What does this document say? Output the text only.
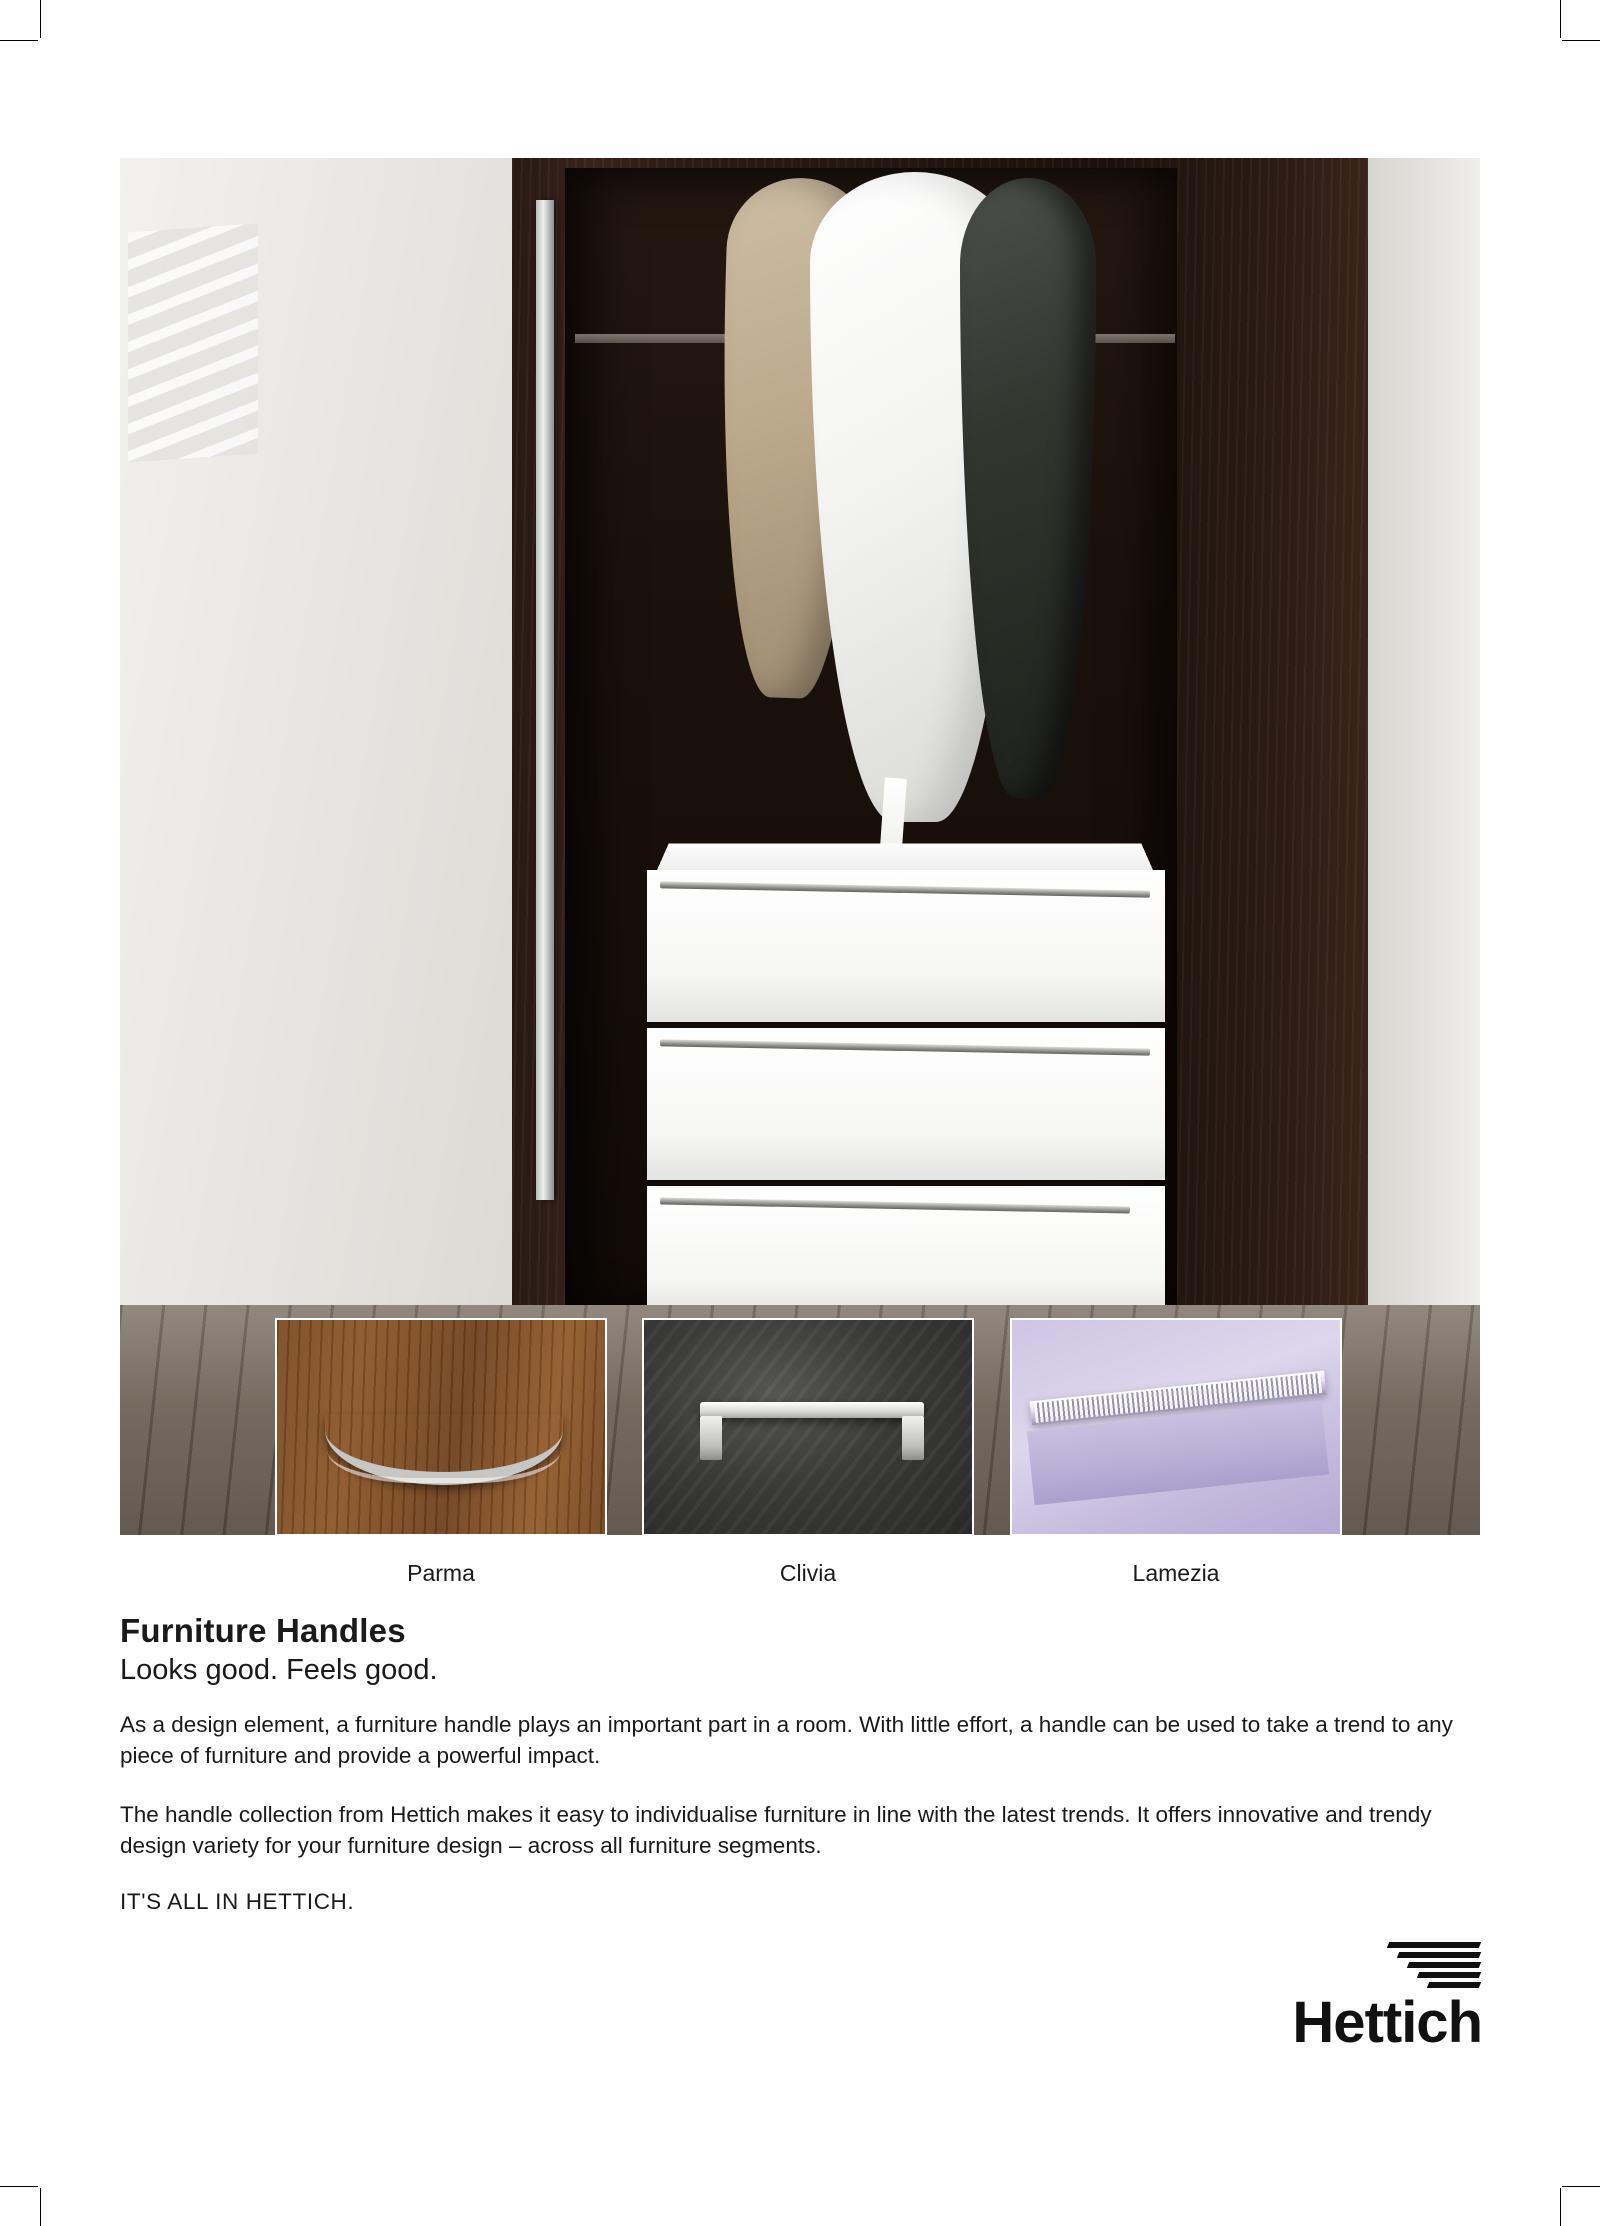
Parma	Clivia	Lamezia
Furniture Handles
Looks good. Feels good.

As a design element, a furniture handle plays an important part in a room. With little effort, a handle can be used to take a trend to any piece of furniture and provide a powerful impact.

The handle collection from Hettich makes it easy to individualise furniture in line with the latest trends. It offers innovative and trendy design variety for your furniture design – across all furniture segments.

IT'S ALL IN HETTICH.

Hettich
